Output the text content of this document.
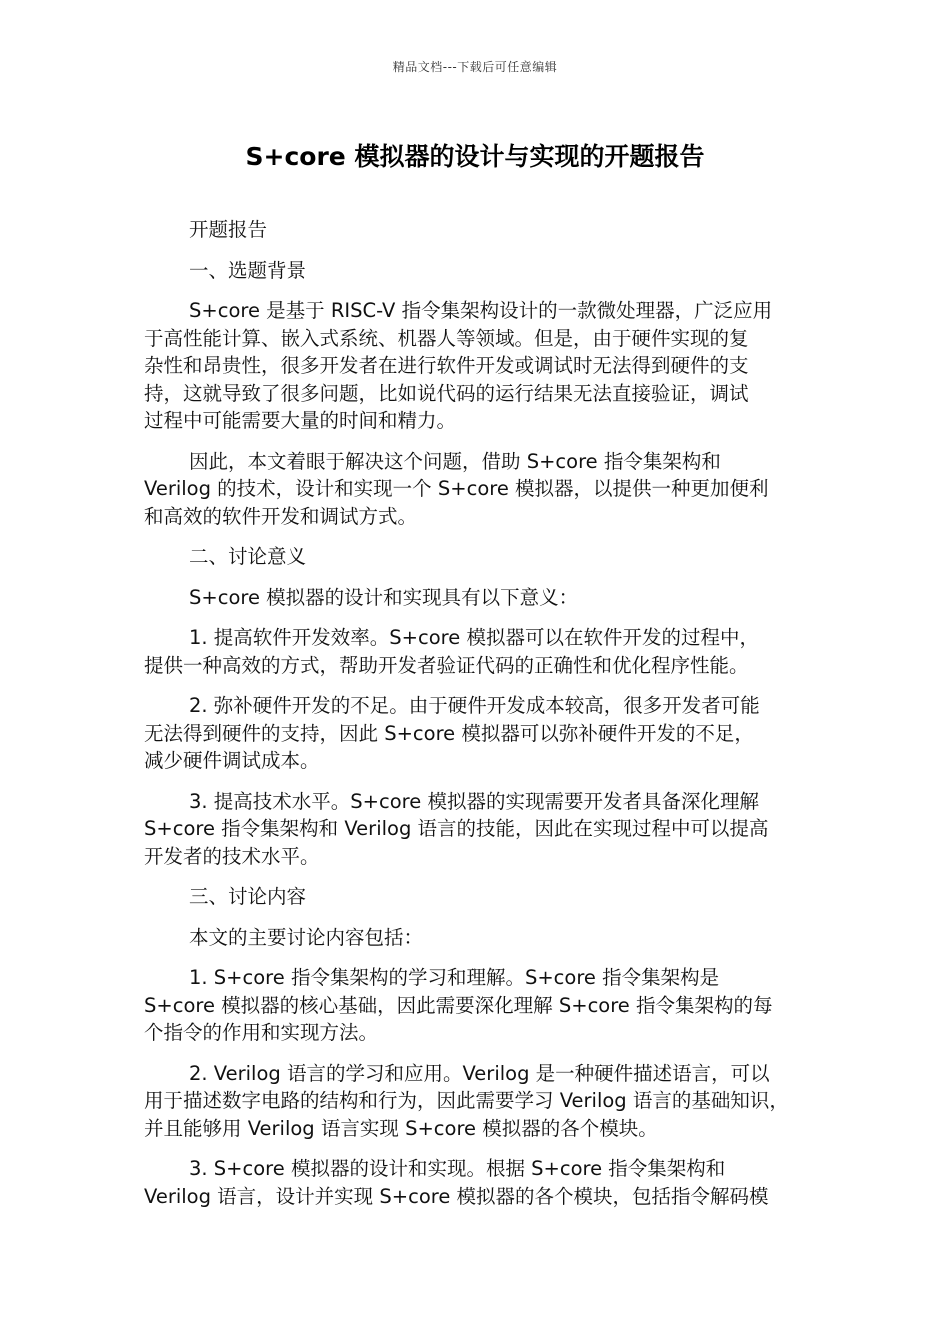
精品文档---下载后可任意编辑
S+core 模拟器的设计与实现的开题报告

开题报告

一、选题背景

S+core 是基于 RISC-V 指令集架构设计的一款微处理器，广泛应用
于高性能计算、嵌入式系统、机器人等领域。但是，由于硬件实现的复
杂性和昂贵性，很多开发者在进行软件开发或调试时无法得到硬件的支
持，这就导致了很多问题，比如说代码的运行结果无法直接验证，调试
过程中可能需要大量的时间和精力。

因此，本文着眼于解决这个问题，借助 S+core 指令集架构和
Verilog 的技术，设计和实现一个 S+core 模拟器，以提供一种更加便利
和高效的软件开发和调试方式。

二、讨论意义

S+core 模拟器的设计和实现具有以下意义：

1. 提高软件开发效率。S+core 模拟器可以在软件开发的过程中，
提供一种高效的方式，帮助开发者验证代码的正确性和优化程序性能。

2. 弥补硬件开发的不足。由于硬件开发成本较高，很多开发者可能
无法得到硬件的支持，因此 S+core 模拟器可以弥补硬件开发的不足，
减少硬件调试成本。

3. 提高技术水平。S+core 模拟器的实现需要开发者具备深化理解
S+core 指令集架构和 Verilog 语言的技能，因此在实现过程中可以提高
开发者的技术水平。

三、讨论内容

本文的主要讨论内容包括：

1. S+core 指令集架构的学习和理解。S+core 指令集架构是
S+core 模拟器的核心基础，因此需要深化理解 S+core 指令集架构的每
个指令的作用和实现方法。

2. Verilog 语言的学习和应用。Verilog 是一种硬件描述语言，可以
用于描述数字电路的结构和行为，因此需要学习 Verilog 语言的基础知识，
并且能够用 Verilog 语言实现 S+core 模拟器的各个模块。

3. S+core 模拟器的设计和实现。根据 S+core 指令集架构和
Verilog 语言，设计并实现 S+core 模拟器的各个模块，包括指令解码模
